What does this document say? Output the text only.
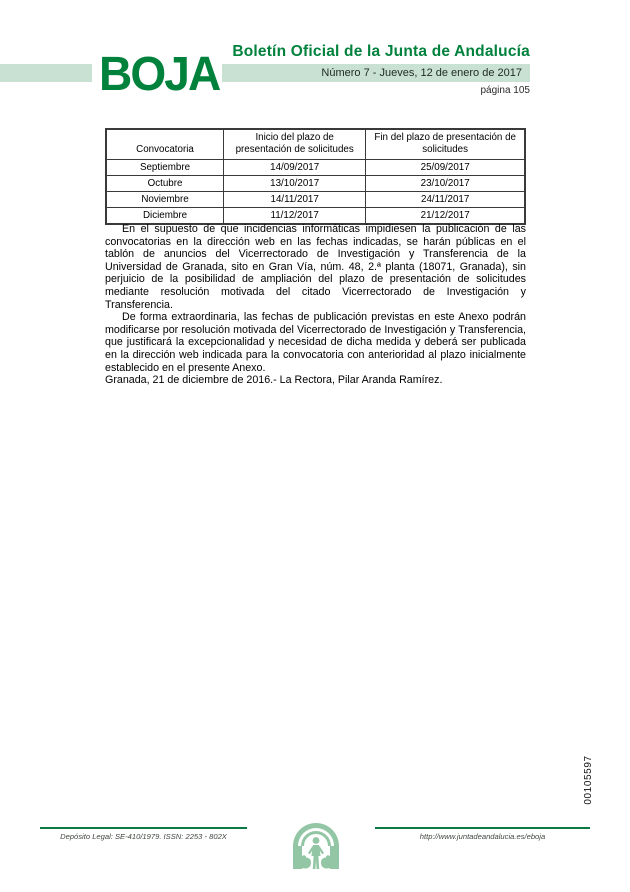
BOJA Boletín Oficial de la Junta de Andalucía
Número 7 - Jueves, 12 de enero de 2017
página 105
Convocatoria	Inicio del plazo de presentación de solicitudes	Fin del plazo de presentación de solicitudes
Septiembre	14/09/2017	25/09/2017
Octubre	13/10/2017	23/10/2017
Noviembre	14/11/2017	24/11/2017
Diciembre	11/12/2017	21/12/2017

En el supuesto de que incidencias informáticas impidiesen la publicación de las convocatorias en la dirección web en las fechas indicadas, se harán públicas en el tablón de anuncios del Vicerrectorado de Investigación y Transferencia de la Universidad de Granada, sito en Gran Vía, núm. 48, 2.ª planta (18071, Granada), sin perjuicio de la posibilidad de ampliación del plazo de presentación de solicitudes mediante resolución motivada del citado Vicerrectorado de Investigación y Transferencia.

De forma extraordinaria, las fechas de publicación previstas en este Anexo podrán modificarse por resolución motivada del Vicerrectorado de Investigación y Transferencia, que justificará la excepcionalidad y necesidad de dicha medida y deberá ser publicada en la dirección web indicada para la convocatoria con anterioridad al plazo inicialmente establecido en el presente Anexo.

Granada, 21 de diciembre de 2016.- La Rectora, Pilar Aranda Ramírez.

00105597
Depósito Legal: SE-410/1979. ISSN: 2253 - 802X	http://www.juntadeandalucia.es/eboja
